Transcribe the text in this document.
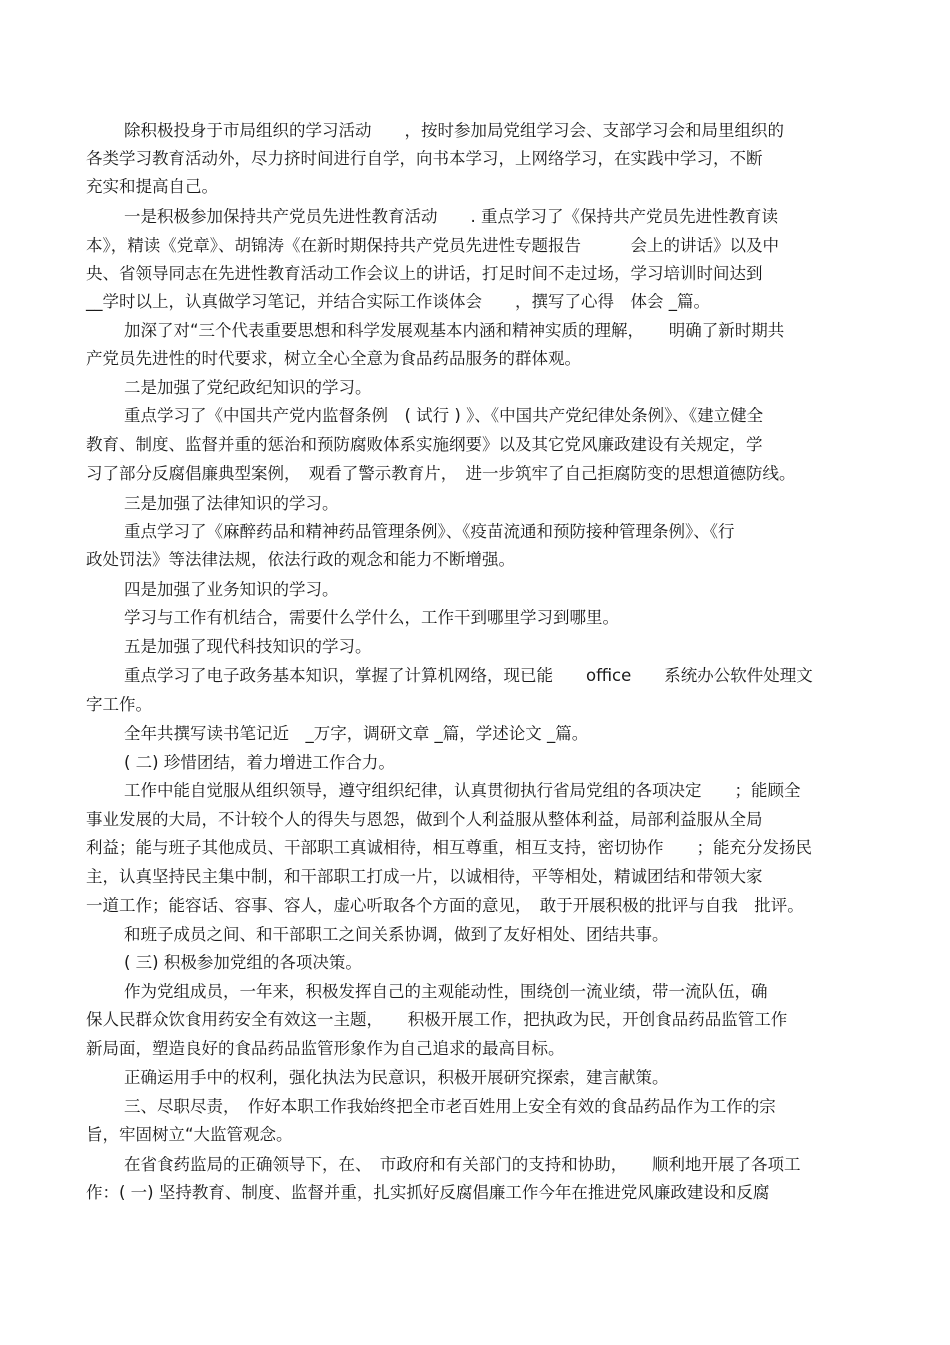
除积极投身于市局组织的学习活动　　，按时参加局党组学习会、支部学习会和局里组织的
各类学习教育活动外，尽力挤时间进行自学，向书本学习，上网络学习，在实践中学习，不断
充实和提高自己。
一是积极参加保持共产党员先进性教育活动　　. 重点学习了《保持共产党员先进性教育读
本》，精读《党章》、胡锦涛《在新时期保持共产党员先进性专题报告　　　会上的讲话》以及中
央、省领导同志在先进性教育活动工作会议上的讲话，打足时间不走过场，学习培训时间达到
__学时以上，认真做学习笔记，并结合实际工作谈体会　　，撰写了心得　体会 _篇。
加深了对“三个代表重要思想和科学发展观基本内涵和精神实质的理解，　　明确了新时期共
产党员先进性的时代要求，树立全心全意为食品药品服务的群体观。
二是加强了党纪政纪知识的学习。
重点学习了《中国共产党内监督条例　( 试行 ) 》、《中国共产党纪律处条例》、《建立健全
教育、制度、监督并重的惩治和预防腐败体系实施纲要》以及其它党风廉政建设有关规定，学
习了部分反腐倡廉典型案例，　观看了警示教育片，　进一步筑牢了自己拒腐防变的思想道德防线。
三是加强了法律知识的学习。
重点学习了《麻醉药品和精神药品管理条例》、《疫苗流通和预防接种管理条例》、《行
政处罚法》等法律法规，依法行政的观念和能力不断增强。
四是加强了业务知识的学习。
学习与工作有机结合，需要什么学什么，工作干到哪里学习到哪里。
五是加强了现代科技知识的学习。
重点学习了电子政务基本知识，掌握了计算机网络，现已能　　office　　系统办公软件处理文
字工作。
全年共撰写读书笔记近　_万字，调研文章 _篇，学述论文 _篇。
( 二) 珍惜团结，着力增进工作合力。
工作中能自觉服从组织领导，遵守组织纪律，认真贯彻执行省局党组的各项决定　　；能顾全
事业发展的大局，不计较个人的得失与恩怨，做到个人利益服从整体利益，局部利益服从全局
利益；能与班子其他成员、干部职工真诚相待，相互尊重，相互支持，密切协作　　；能充分发扬民
主，认真坚持民主集中制，和干部职工打成一片，以诚相待，平等相处，精诚团结和带领大家
一道工作；能容话、容事、容人，虚心听取各个方面的意见，　敢于开展积极的批评与自我　批评。
和班子成员之间、和干部职工之间关系协调，做到了友好相处、团结共事。
( 三) 积极参加党组的各项决策。
作为党组成员，一年来，积极发挥自己的主观能动性，围绕创一流业绩，带一流队伍，确
保人民群众饮食用药安全有效这一主题，　　积极开展工作，把执政为民，开创食品药品监管工作
新局面，塑造良好的食品药品监管形象作为自己追求的最高目标。
正确运用手中的权利，强化执法为民意识，积极开展研究探索，建言献策。
三、尽职尽责，　作好本职工作我始终把全市老百姓用上安全有效的食品药品作为工作的宗
旨，牢固树立“大监管观念。
在省食药监局的正确领导下，在、　市政府和有关部门的支持和协助，　　顺利地开展了各项工
作：( 一) 坚持教育、制度、监督并重，扎实抓好反腐倡廉工作今年在推进党风廉政建设和反腐
